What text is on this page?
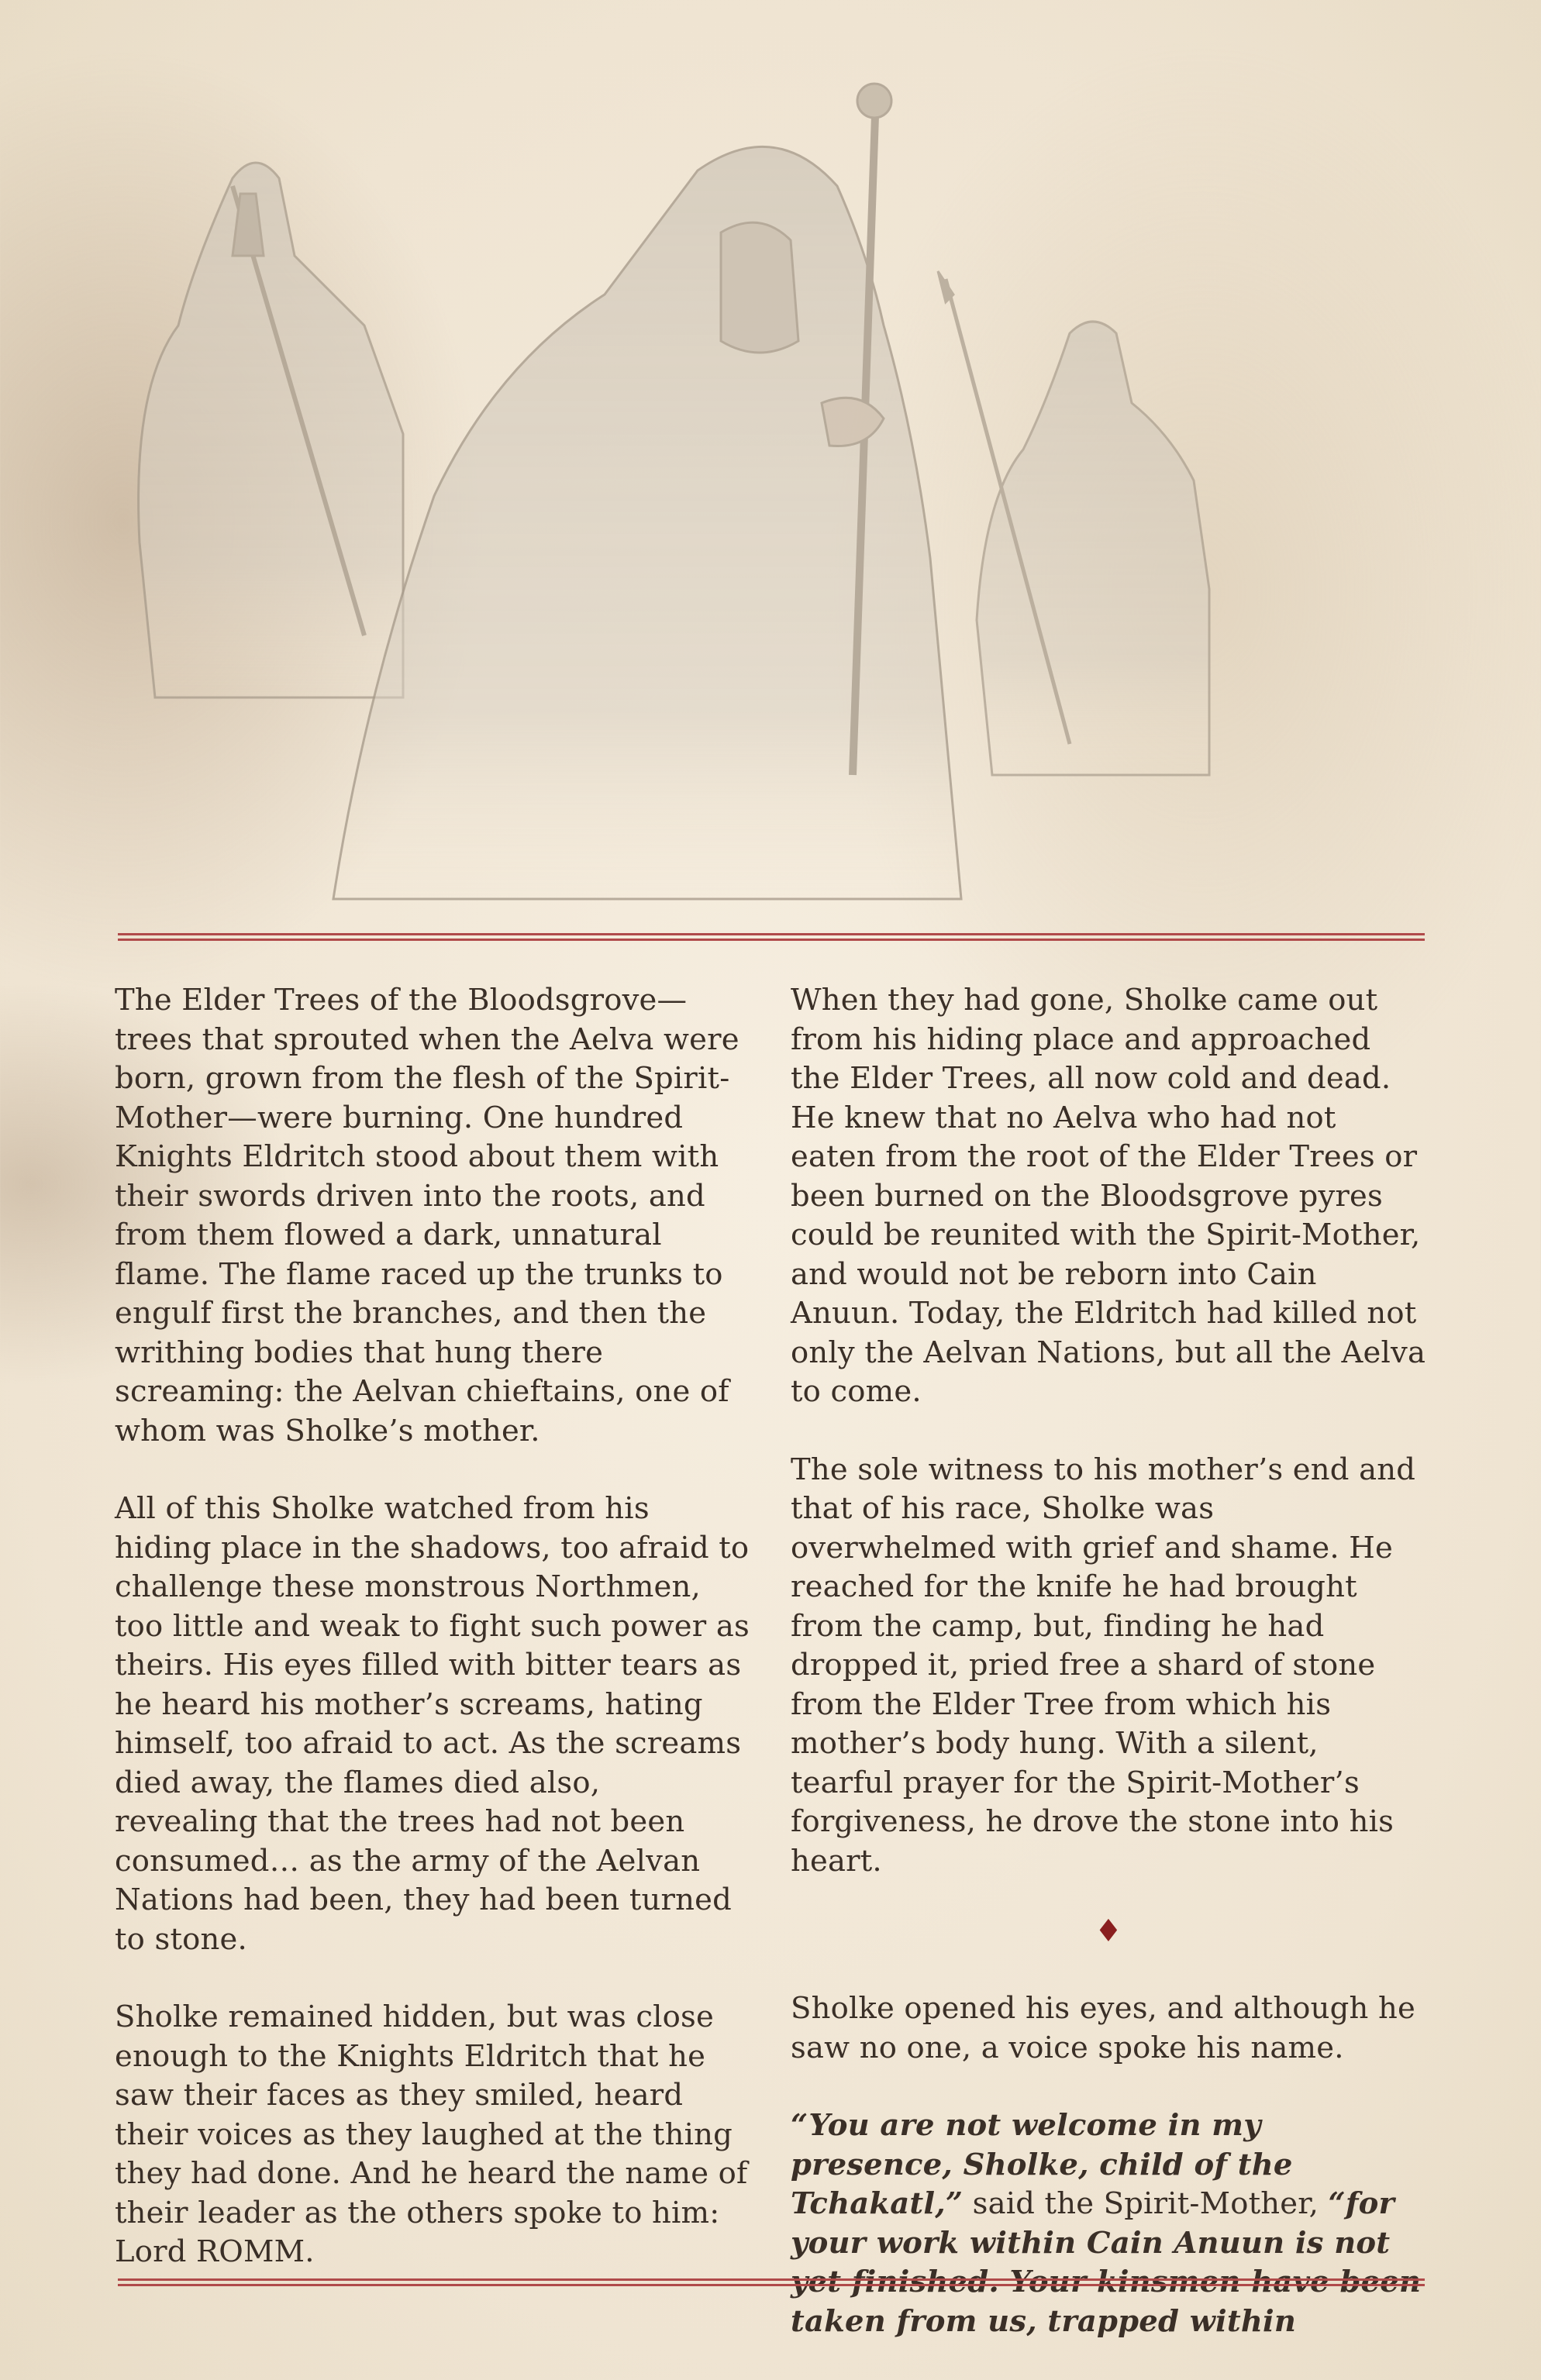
The Elder Trees of the Bloodsgrove—trees that sprouted when the Aelva were born, grown from the flesh of the Spirit-Mother—were burning. One hundred Knights Eldritch stood about them with their swords driven into the roots, and from them flowed a dark, unnatural flame. The flame raced up the trunks to engulf first the branches, and then the writhing bodies that hung there screaming: the Aelvan chieftains, one of whom was Sholke’s mother.

All of this Sholke watched from his hiding place in the shadows, too afraid to challenge these monstrous Northmen, too little and weak to fight such power as theirs. His eyes filled with bitter tears as he heard his mother’s screams, hating himself, too afraid to act. As the screams died away, the flames died also, revealing that the trees had not been consumed… as the army of the Aelvan Nations had been, they had been turned to stone.

Sholke remained hidden, but was close enough to the Knights Eldritch that he saw their faces as they smiled, heard their voices as they laughed at the thing they had done. And he heard the name of their leader as the others spoke to him: Lord ROMM.

When they had gone, Sholke came out from his hiding place and approached the Elder Trees, all now cold and dead. He knew that no Aelva who had not eaten from the root of the Elder Trees or been burned on the Bloodsgrove pyres could be reunited with the Spirit-Mother, and would not be reborn into Cain Anuun. Today, the Eldritch had killed not only the Aelvan Nations, but all the Aelva to come.

The sole witness to his mother’s end and that of his race, Sholke was overwhelmed with grief and shame. He reached for the knife he had brought from the camp, but, finding he had dropped it, pried free a shard of stone from the Elder Tree from which his mother’s body hung. With a silent, tearful prayer for the Spirit-Mother’s forgiveness, he drove the stone into his heart.

♦

Sholke opened his eyes, and although he saw no one, a voice spoke his name.

“You are not welcome in my presence, Sholke, child of the Tchakatl,” said the Spirit-Mother, “for your work within Cain Anuun is not yet finished. Your kinsmen have been taken from us, trapped within
